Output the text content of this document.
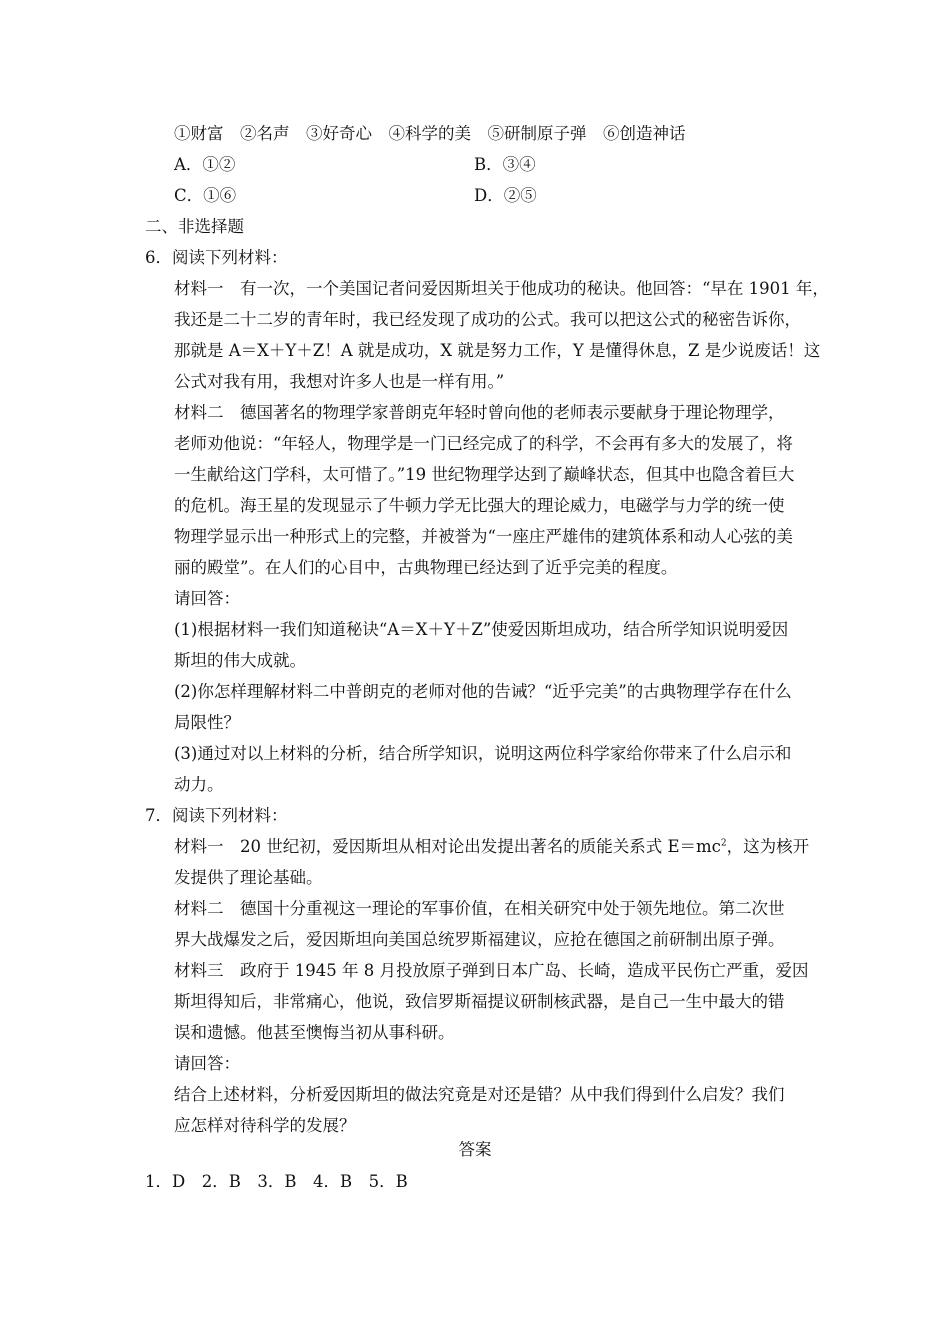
①财富　②名声　③好奇心　④科学的美　⑤研制原子弹　⑥创造神话
A．①②	B．③④
C．①⑥	D．②⑤
二、非选择题
6．阅读下列材料：
材料一　有一次，一个美国记者问爱因斯坦关于他成功的秘诀。他回答：“早在 1901 年，
我还是二十二岁的青年时，我已经发现了成功的公式。我可以把这公式的秘密告诉你，
那就是 A＝X＋Y＋Z！A 就是成功，X 就是努力工作，Y 是懂得休息，Z 是少说废话！这
公式对我有用，我想对许多人也是一样有用。”
材料二　德国著名的物理学家普朗克年轻时曾向他的老师表示要献身于理论物理学，
老师劝他说：“年轻人，物理学是一门已经完成了的科学，不会再有多大的发展了，将
一生献给这门学科，太可惜了。”19 世纪物理学达到了巅峰状态，但其中也隐含着巨大
的危机。海王星的发现显示了牛顿力学无比强大的理论威力，电磁学与力学的统一使
物理学显示出一种形式上的完整，并被誉为“一座庄严雄伟的建筑体系和动人心弦的美
丽的殿堂”。在人们的心目中，古典物理已经达到了近乎完美的程度。
请回答：
(1)根据材料一我们知道秘诀“A＝X＋Y＋Z”使爱因斯坦成功，结合所学知识说明爱因
斯坦的伟大成就。
(2)你怎样理解材料二中普朗克的老师对他的告诫？“近乎完美”的古典物理学存在什么
局限性？
(3)通过对以上材料的分析，结合所学知识，说明这两位科学家给你带来了什么启示和
动力。
7．阅读下列材料：
材料一　20 世纪初，爱因斯坦从相对论出发提出著名的质能关系式 $E=mc^2$，这为核开
发提供了理论基础。
材料二　德国十分重视这一理论的军事价值，在相关研究中处于领先地位。第二次世
界大战爆发之后，爱因斯坦向美国总统罗斯福建议，应抢在德国之前研制出原子弹。
材料三　政府于 1945 年 8 月投放原子弹到日本广岛、长崎，造成平民伤亡严重，爱因
斯坦得知后，非常痛心，他说，致信罗斯福提议研制核武器，是自己一生中最大的错
误和遗憾。他甚至懊悔当初从事科研。
请回答：
结合上述材料，分析爱因斯坦的做法究竟是对还是错？从中我们得到什么启发？我们
应怎样对待科学的发展？
答案
1．D　2．B　3．B　4．B　5．B
